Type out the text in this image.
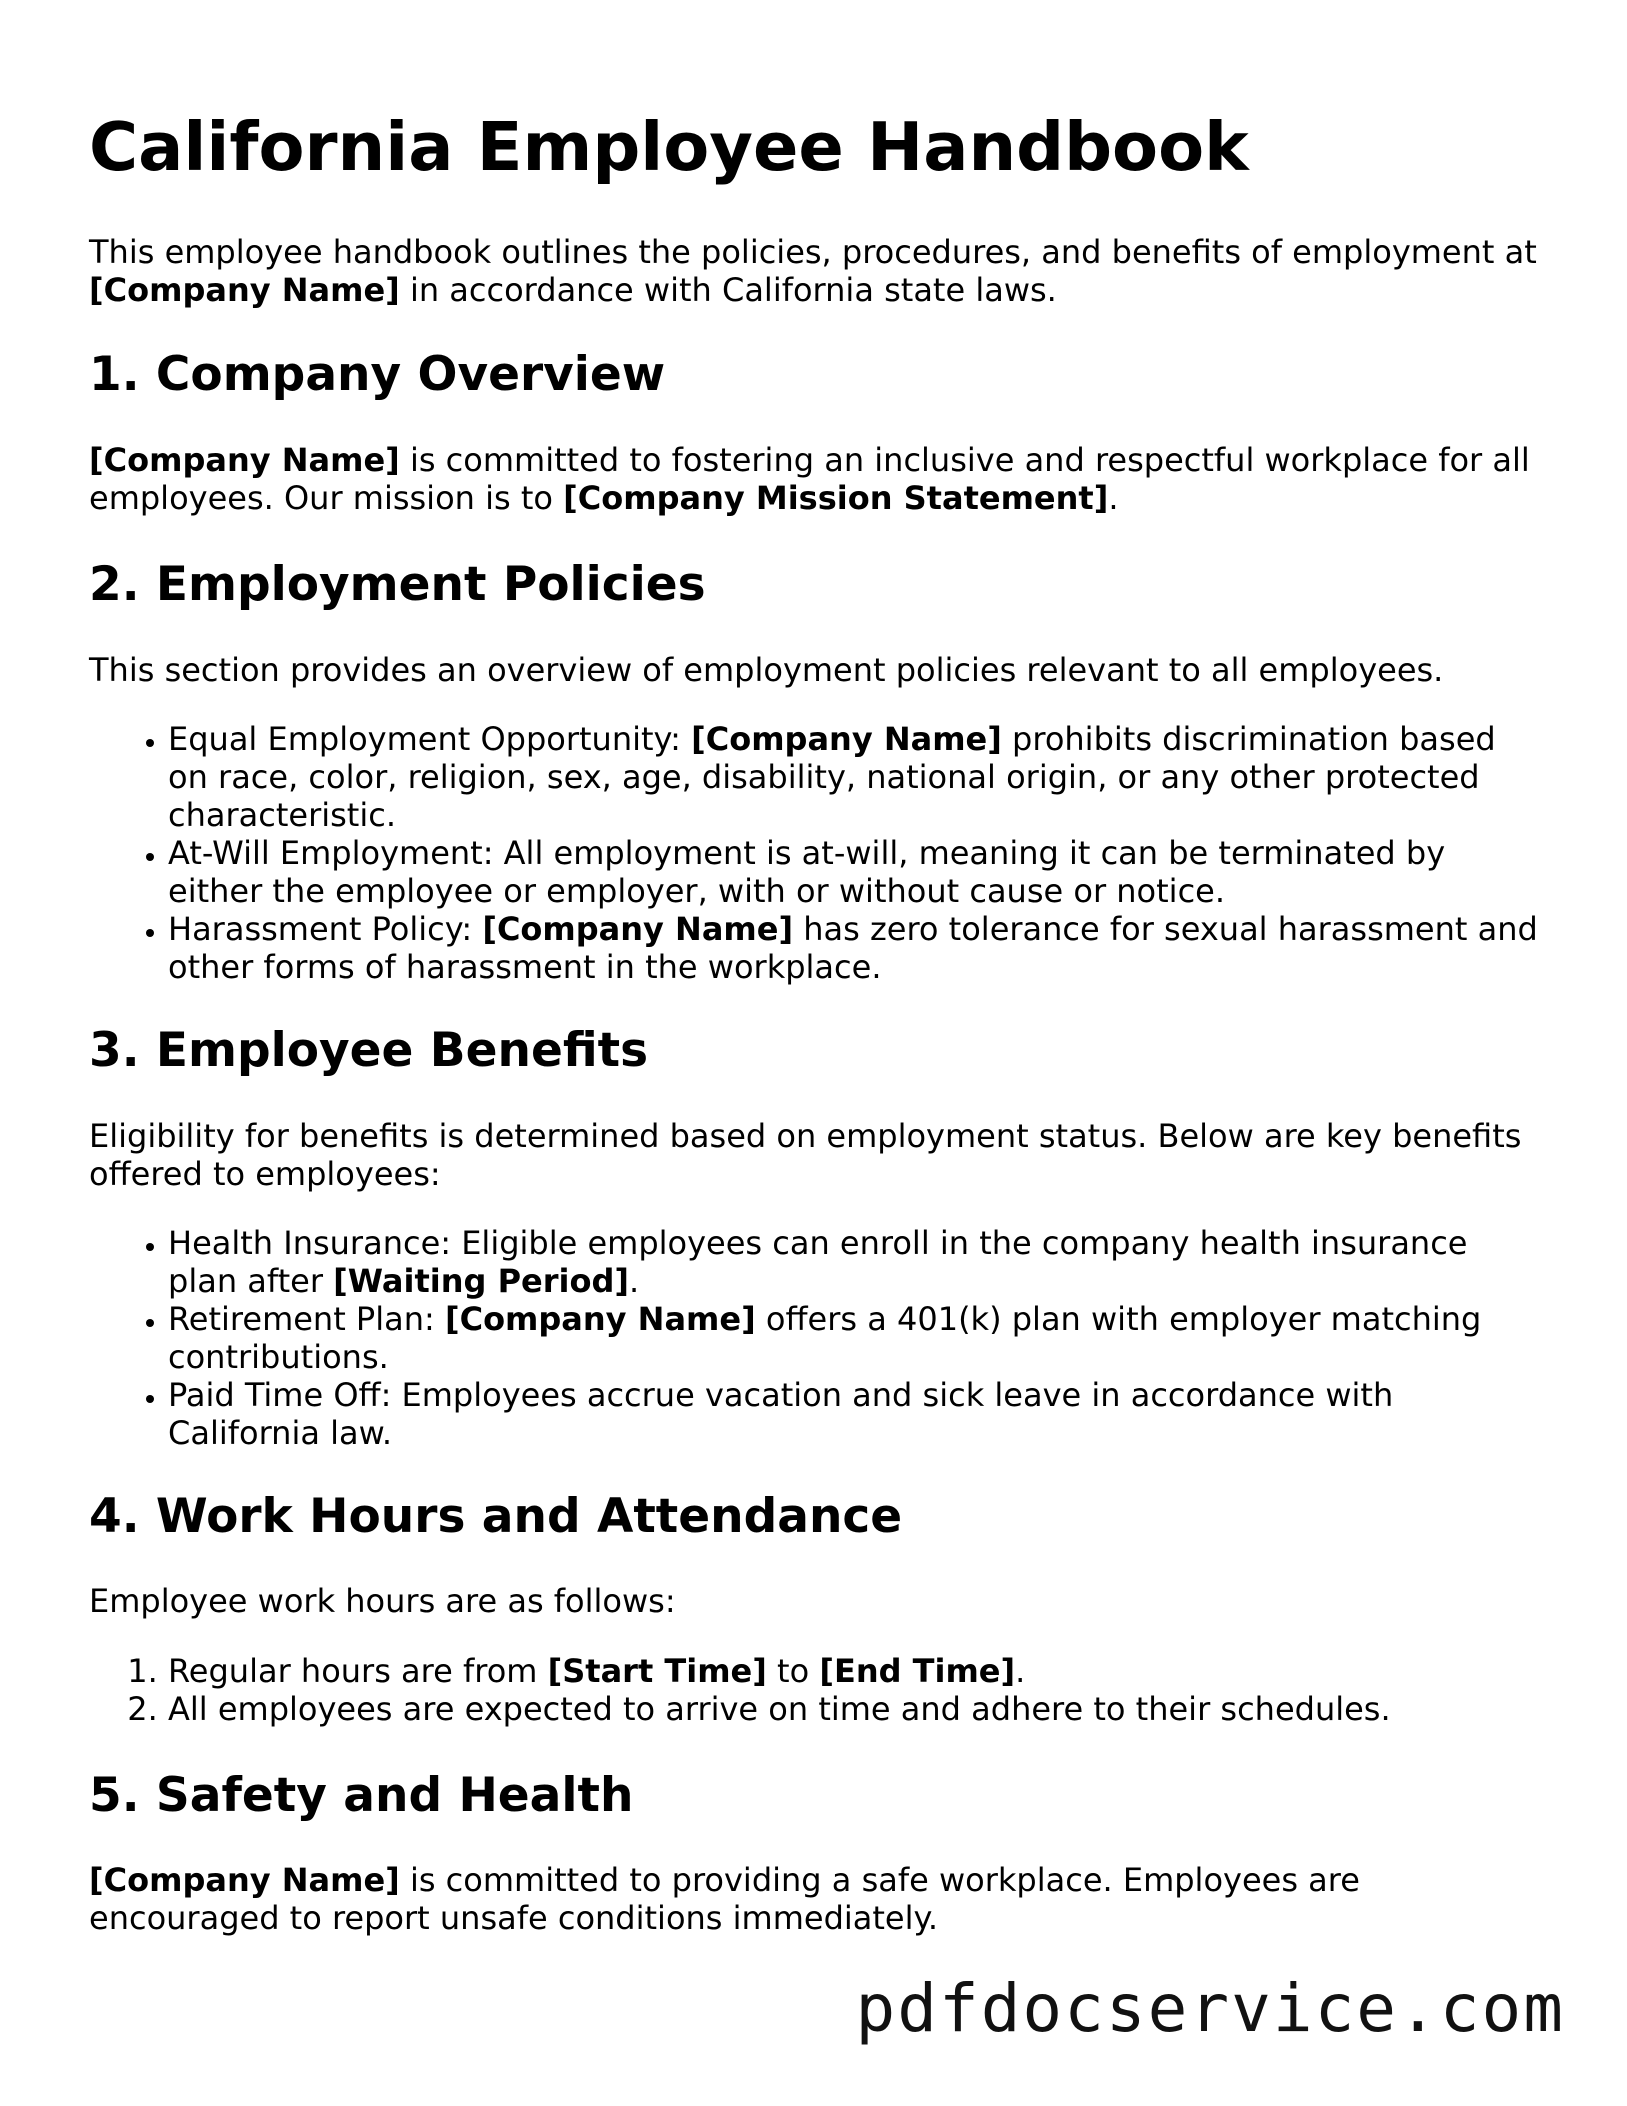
California Employee Handbook

This employee handbook outlines the policies, procedures, and benefits of employment at [Company Name] in accordance with California state laws.

1. Company Overview

[Company Name] is committed to fostering an inclusive and respectful workplace for all employees. Our mission is to [Company Mission Statement].

2. Employment Policies

This section provides an overview of employment policies relevant to all employees.

• Equal Employment Opportunity: [Company Name] prohibits discrimination based on race, color, religion, sex, age, disability, national origin, or any other protected characteristic.
• At-Will Employment: All employment is at-will, meaning it can be terminated by either the employee or employer, with or without cause or notice.
• Harassment Policy: [Company Name] has zero tolerance for sexual harassment and other forms of harassment in the workplace.
3. Employee Benefits

Eligibility for benefits is determined based on employment status. Below are key benefits offered to employees:

• Health Insurance: Eligible employees can enroll in the company health insurance plan after [Waiting Period].
• Retirement Plan: [Company Name] offers a 401(k) plan with employer matching contributions.
• Paid Time Off: Employees accrue vacation and sick leave in accordance with California law.
4. Work Hours and Attendance

Employee work hours are as follows:

1. Regular hours are from [Start Time] to [End Time].
2. All employees are expected to arrive on time and adhere to their schedules.
5. Safety and Health

[Company Name] is committed to providing a safe workplace. Employees are encouraged to report unsafe conditions immediately.

pdfdocservice.com
